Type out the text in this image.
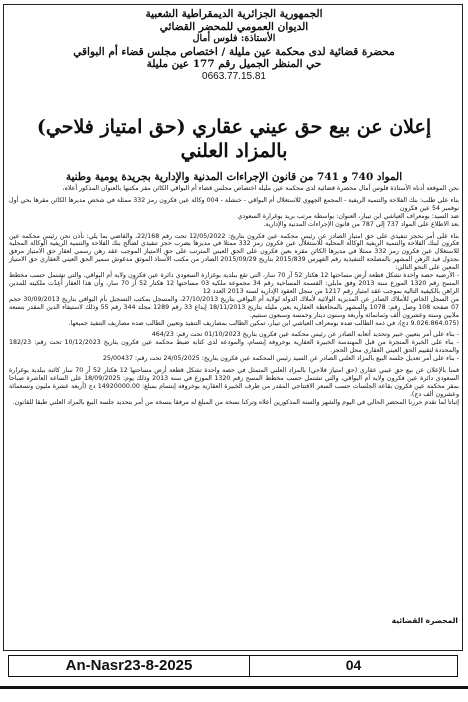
الجمهورية الجزائرية الديمقراطية الشعبية
الديوان العمومي للمحضر القضائي
الأستاذة: فلوس أمال
محضرة قضائية لدى محكمة عين مليلة / اختصاص مجلس قضاء أم البواقي
حي المنظر الجميل رقم 177 عين مليلة
0663.77.15.81
إعلان عن بيع حق عيني عقاري (حق امتياز فلاحي)
بالمزاد العلني
المواد 740 و 741 من قانون الإجراءات المدنية والإدارية بجريدة يومية وطنية

نحن الموقعة أدناه الأستاذة فلوس أمال محضرة قضائية لدى محكمة عين مليلة اختصاص مجلس قضاء أم البواقي الكائن مقر مكتبها بالعنوان المذكور أعلاه،

بناء على طلب: بنك الفلاحة والتنمية الريفية - المجمع الجهوي للاستغلال أم البواقي - خنشلة - 004 وكالة عين فكرون رمز 332 ممثلة في شخص مديرها الكائن مقرها بحي أول نوفمبر 54 عين فكرون

ضد السيد: بومعراف العياشي ابن تيبار، العنوان: بواسطة مرتب بريد بوغرارة السعودي

بعد الاطلاع على المواد 737 إلى 787 من قانون الإجراءات المدنية والإدارية.

بناء على أمر بحجز تنفيذي على حق امتياز الصادر عن رئيس محكمة عين فكرون بتاريخ: 12/05/2022 تحت رقم 22/168، والقاضي بما يلي: نأذن نحن رئيس محكمة عين فكرون لبنك الفلاحة والتنمية الريفية الوكالة المحلية للاستغلال عين فكرون رمز 332 ممثلا في مديرها بضرب حجز تنفيذي لصالح بنك الفلاحة والتنمية الريفية الوكالة المحلية للاستغلال عين فكرون رمز 332 ممثلا في مديرها الكائن مقره بعين فكرون على الحق العيني المترتب على حق الامتياز الموجب عقد رهن رسمي لعقار حق الامتياز مرفق بجدول قيد الرهن المشهر بالمصلحة التنفيذية رقم الفهرس 2015/839 بتاريخ 2015/09/29 الصادر من مكتب الأستاذ الموثق مدغوش سمير الحق العيني العقاري حق الامتياز المعين على النحو التالي:

- الأرضية حصة واحدة تشكل قطعة أرض مساحتها 12 هكتار 52 آر 70 سار، التي تقع ببلدية بوغرارة السعودي دائرة عين فكرون ولاية أم البواقي، والتي تشتمل حسب مخطط المسح رقم 1320 الموزع سنة 2013 وفق مايلي: القسمة المساحية رقم 34 مجموعة ملكية 03 مساحتها 12 هكتار 52 آر 70 سار، وأن هذا العقار أُعِدّت ملكيته للمدين الراهن بالكيفية التالية بموجب عقد امتياز رقم 1217 من سجل العقود الإدارية لسنة 2013 العدد 12

من السجل الخاص للأملاك الصادر عن المديرية الولائية لأملاك الدولة لولاية أم البواقي بتاريخ 27/10/2013، والمسجل بمكتب التسجيل بأم البواقي بتاريخ 30/09/2013 حجم 07 صفحة 108 وصل رقم: 1078 والمشهر بالمحافظة العقارية بعين مليلة بتاريخ 18/11/2013 إيداع 33 رقم 1289 مجلد 344 رقم 55 وذلك لاستيفاء الدين المقدر بتسعة ملايين وستة وعشرون ألف وثمانمائة وأربعة وستون دينار وخمسة وسبعون سنتيم.

(9.026.864.075 دج)، في ذمة الطالب ضده بومعراف العياشي ابن تيبار، تمكين الطالب بمصاريف التنفيذ وتعيين الطالب ضده مصاريف التنفيذ جميعها.

- بناء على أمر بتعيين خبير وتحديد أتعابه الصادر عن رئيس محكمة عين فكرون بتاريخ 01/10/2023 تحت رقم: 464/23

- بناء على الخبرة المنجزة من قبل المهندسة الخبيرة العقارية بوخروفة إبتسام، والمودعة لدى كتابة ضبط محكمة عين فكرون بتاريخ 10/12/2023 تحت رقم: 182/23 والمحددة لتقييم الحق العيني العقاري محل الحجز.

- بناء على أمر تعديل جلسة البيع بالمزاد العلني الصادر عن السيد رئيس المحكمة عين فكرون بتاريخ: 24/05/2025 تحت رقم: 25/00437

قمنا بالإعلان عن بيع حق عيني عقاري (حق امتياز فلاحي) بالمزاد العلني المتمثل في حصة واحدة تشكل قطعة أرض مساحتها 12 هكتار 52 آر 70 سار كائنة ببلدية بوغرارة السعودي دائرة عين فكرون ولاية أم البواقي، والتي تشتمل حسب مخطط المسح رقم 1320 الموزع في سنة 2013 وذلك يوم: 18/09/2025 على الساعة العاشرة صباحا بمقر محكمة عين فكرون بقاعة الجلسات حسب السعر الافتتاحي المقدر من طرف الخبيرة العقارية بوخروفة إبتسام بمبلغ: 14920000.00 دج (أربعة عشرة مليون وتسعمائة وعشرون ألف دج).

إثباتا لما تقدم حررنا المحضر الحالي في اليوم والشهر والسنة المذكورين أعلاه وتركنا نسخة من المبلغ له مرفقا بنسخة من أمر بتحديد جلسة البيع بالمزاد العلني طبقا للقانون.

المحضرة القضائية
An-Nasr23-8-2025	04
